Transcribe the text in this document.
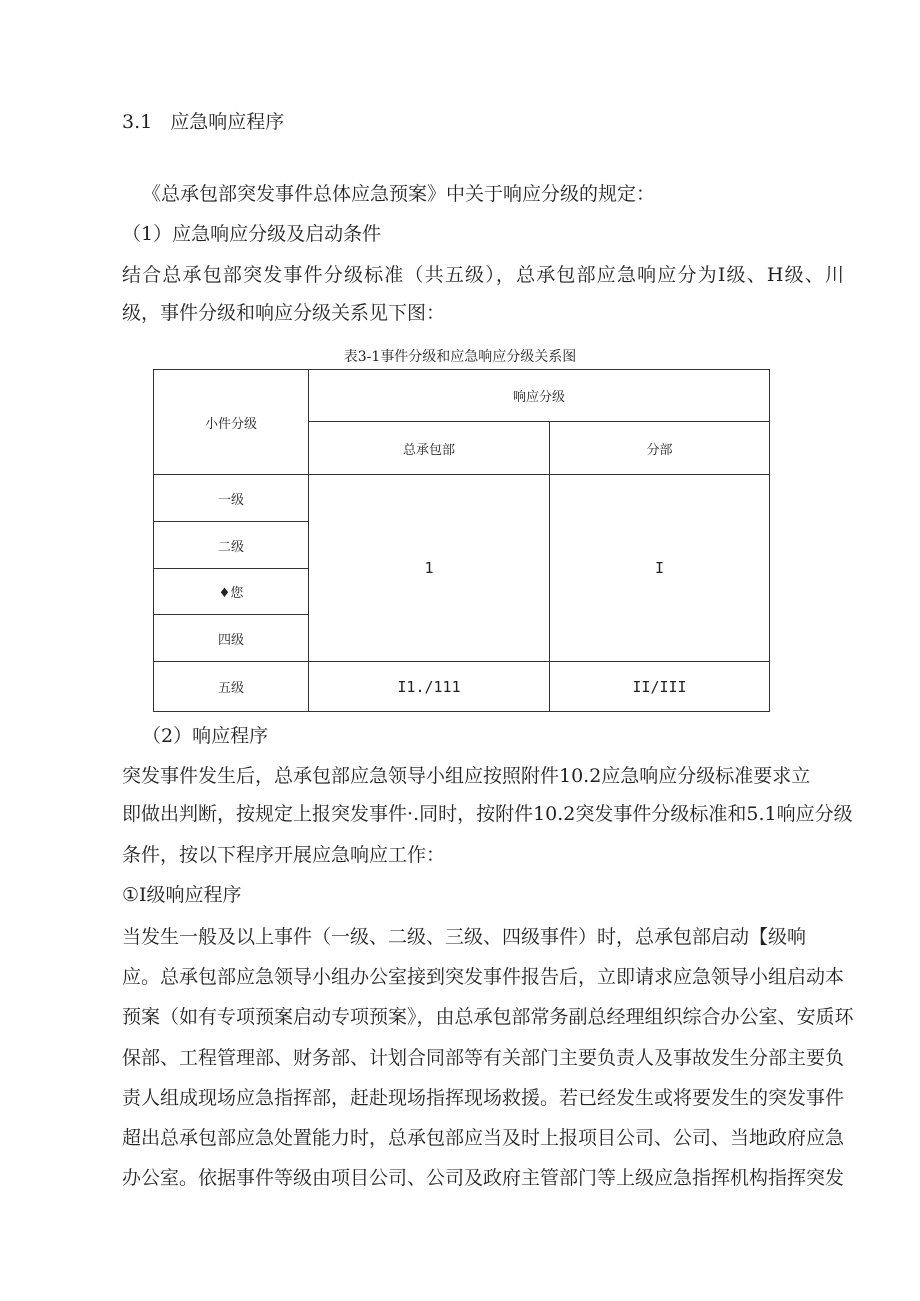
3.1 应急响应程序
《总承包部突发事件总体应急预案》中关于响应分级的规定：
（1）应急响应分级及启动条件
结合总承包部突发事件分级标准（共五级），总承包部应急响应分为I级、H级、川
级，事件分级和响应分级关系见下图：
表3-1事件分级和应急响应分级关系图
小件分级	响应分级	
	总承包部	分部
一级	1	I
二级		
♦您		
四级		
五级	I1./111	II/III
（2）响应程序
突发事件发生后，总承包部应急领导小组应按照附件10.2应急响应分级标准要求立
即做出判断，按规定上报突发事件·.同时，按附件10.2突发事件分级标准和5.1响应分级
条件，按以下程序开展应急响应工作：
①I级响应程序
当发生一般及以上事件（一级、二级、三级、四级事件）时，总承包部启动【级响
应。总承包部应急领导小组办公室接到突发事件报告后，立即请求应急领导小组启动本
预案（如有专项预案启动专项预案》，由总承包部常务副总经理组织综合办公室、安质环
保部、工程管理部、财务部、计划合同部等有关部门主要负责人及事故发生分部主要负
责人组成现场应急指挥部，赶赴现场指挥现场救援。若已经发生或将要发生的突发事件
超出总承包部应急处置能力时，总承包部应当及时上报项目公司、公司、当地政府应急
办公室。依据事件等级由项目公司、公司及政府主管部门等上级应急指挥机构指挥突发
